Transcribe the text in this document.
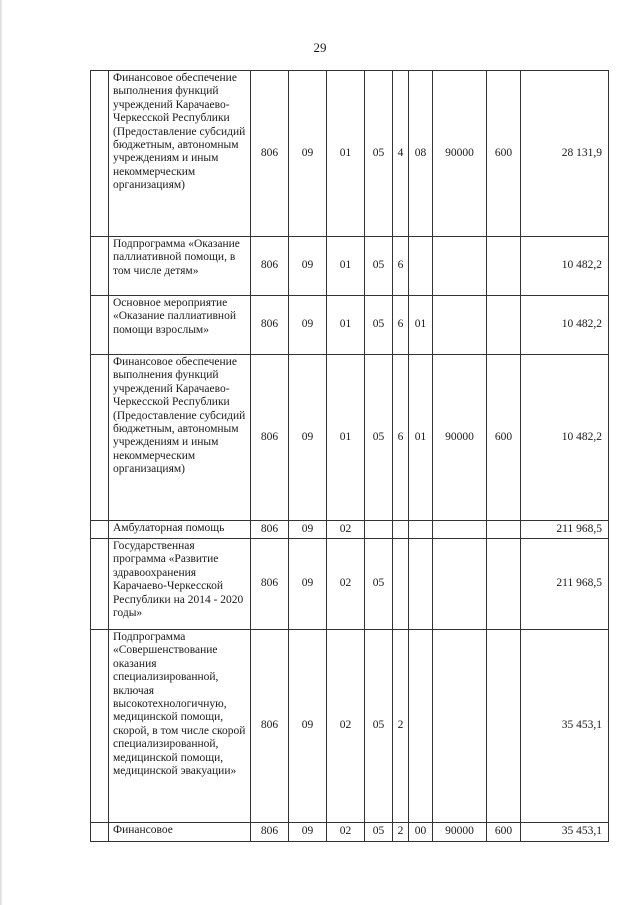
29
	Финансовое обеспечение выполнения функций учреждений Карачаево-Черкесской Республики (Предоставление субсидий бюджетным, автономным учреждениям и иным некоммерческим организациям)	806	09	01	05	4	08	90000	600	28 131,9
	Подпрограмма «Оказание паллиативной помощи, в том числе детям»	806	09	01	05	6				10 482,2
	Основное мероприятие «Оказание паллиативной помощи взрослым»	806	09	01	05	6	01			10 482,2
	Финансовое обеспечение выполнения функций учреждений Карачаево-Черкесской Республики (Предоставление субсидий бюджетным, автономным учреждениям и иным некоммерческим организациям)	806	09	01	05	6	01	90000	600	10 482,2
	Амбулаторная помощь	806	09	02						211 968,5
	Государственная программа «Развитие здравоохранения Карачаево-Черкесской Республики на 2014 - 2020 годы»	806	09	02	05					211 968,5
	Подпрограмма «Совершенствование оказания специализированной, включая высокотехнологичную, медицинской помощи, скорой, в том числе скорой специализированной, медицинской помощи, медицинской эвакуации»	806	09	02	05	2				35 453,1
	Финансовое	806	09	02	05	2	00	90000	600	35 453,1
